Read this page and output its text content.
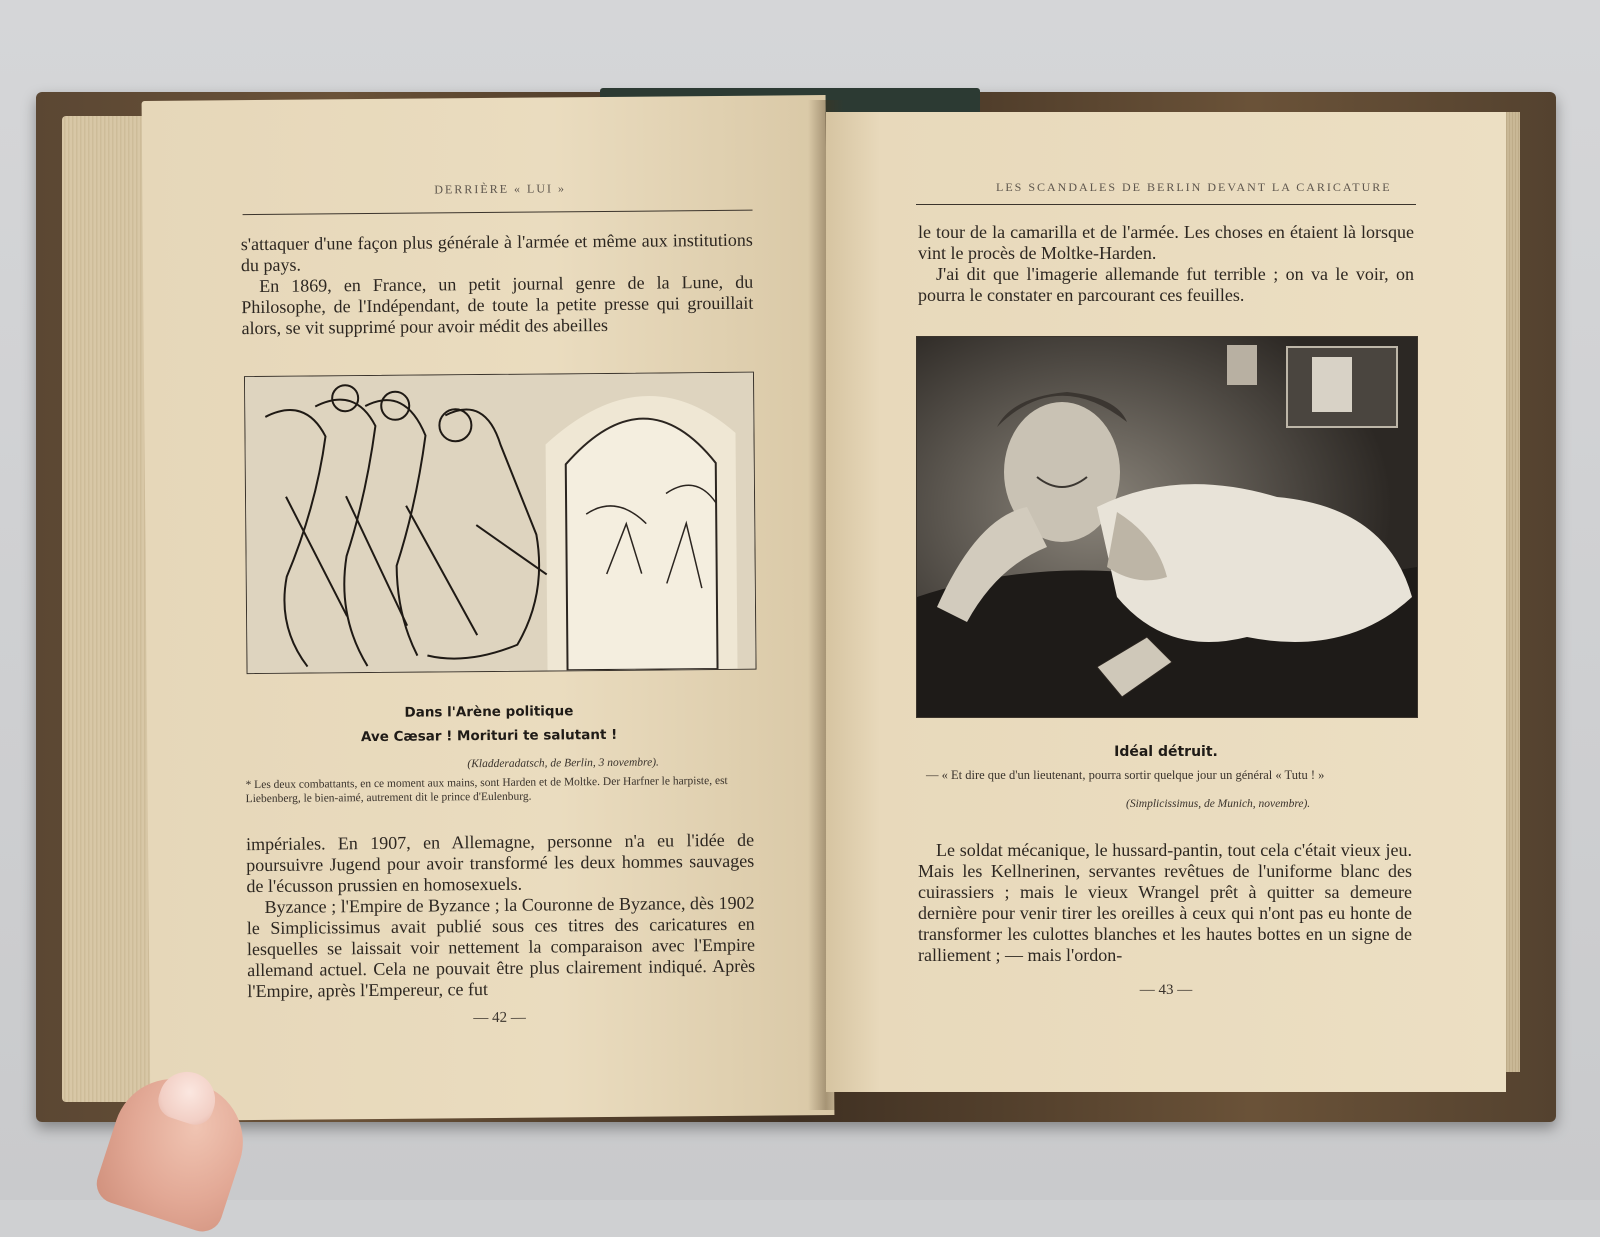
DERRIÈRE « LUI »

s'attaquer d'une façon plus générale à l'armée et même aux institutions du pays.

En 1869, en France, un petit journal genre de la Lune, du Philosophe, de l'Indépendant, de toute la petite presse qui grouillait alors, se vit supprimé pour avoir médit des abeilles

Dans l'Arène politique
Ave Cæsar ! Morituri te salutant !
(Kladderadatsch, de Berlin, 3 novembre).
* Les deux combattants, en ce moment aux mains, sont Harden et de Moltke. Der Harfner le harpiste, est Liebenberg, le bien-aimé, autrement dit le prince d'Eulenburg.

impériales. En 1907, en Allemagne, personne n'a eu l'idée de poursuivre Jugend pour avoir transformé les deux hommes sauvages de l'écusson prussien en homosexuels.

Byzance ; l'Empire de Byzance ; la Couronne de Byzance, dès 1902 le Simplicissimus avait publié sous ces titres des caricatures en lesquelles se laissait voir nettement la comparaison avec l'Empire allemand actuel. Cela ne pouvait être plus clairement indiqué. Après l'Empire, après l'Empereur, ce fut

— 42 —
LES SCANDALES DE BERLIN DEVANT LA CARICATURE

le tour de la camarilla et de l'armée. Les choses en étaient là lorsque vint le procès de Moltke-Harden.

J'ai dit que l'imagerie allemande fut terrible ; on va le voir, on pourra le constater en parcourant ces feuilles.

Idéal détruit.
— « Et dire que d'un lieutenant, pourra sortir quelque jour un général « Tutu ! »
(Simplicissimus, de Munich, novembre).

Le soldat mécanique, le hussard-pantin, tout cela c'était vieux jeu. Mais les Kellnerinen, servantes revêtues de l'uniforme blanc des cuirassiers ; mais le vieux Wrangel prêt à quitter sa demeure dernière pour venir tirer les oreilles à ceux qui n'ont pas eu honte de transformer les culottes blanches et les hautes bottes en un signe de ralliement ; — mais l'ordon-

— 43 —
